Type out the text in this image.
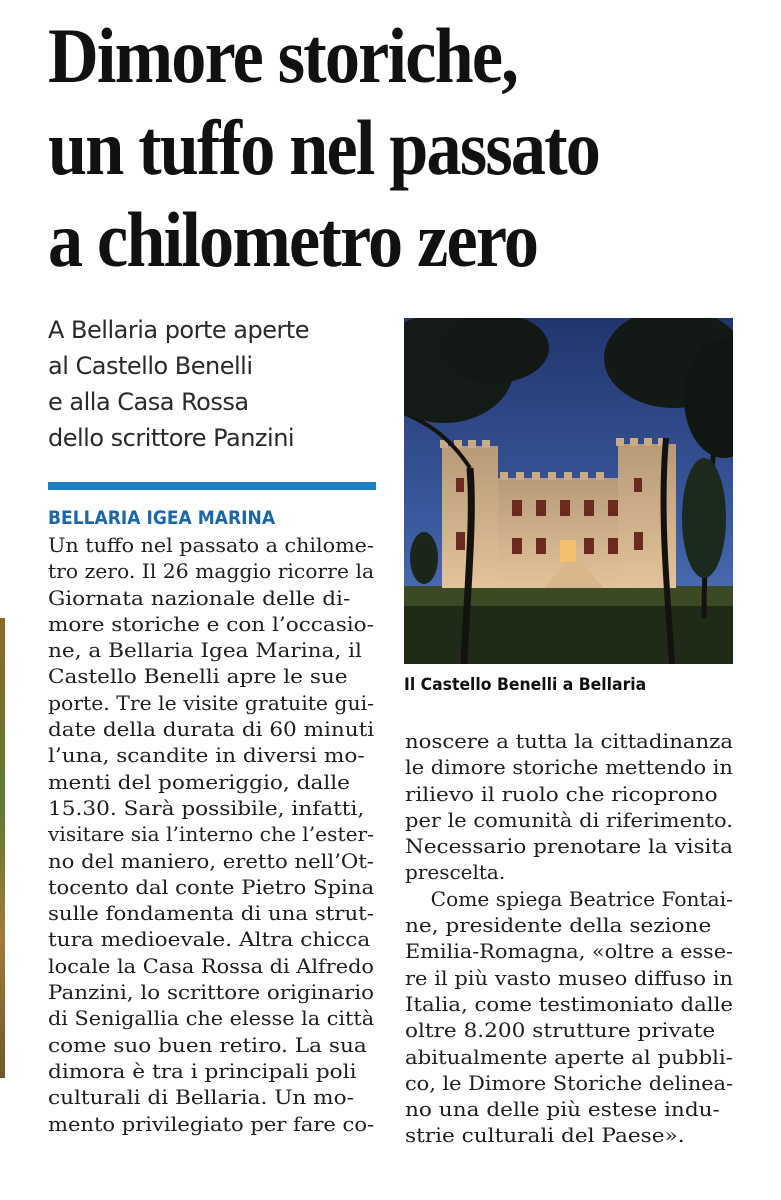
Dimore storiche,
un tuffo nel passato
a chilometro zero
A Bellaria porte aperte
al Castello Benelli
e alla Casa Rossa
dello scrittore Panzini
BELLARIA IGEA MARINA
Un tuffo nel passato a chilome-
tro zero. Il 26 maggio ricorre la
Giornata nazionale delle di-
more storiche e con l’occasio-
ne, a Bellaria Igea Marina, il
Castello Benelli apre le sue
porte. Tre le visite gratuite gui-
date della durata di 60 minuti
l’una, scandite in diversi mo-
menti del pomeriggio, dalle
15.30. Sarà possibile, infatti,
visitare sia l’interno che l’ester-
no del maniero, eretto nell’Ot-
tocento dal conte Pietro Spina
sulle fondamenta di una strut-
tura medioevale. Altra chicca
locale la Casa Rossa di Alfredo
Panzini, lo scrittore originario
di Senigallia che elesse la città
come suo buen retiro. La sua
dimora è tra i principali poli
culturali di Bellaria. Un mo-
mento privilegiato per fare co-
Il Castello Benelli a Bellaria
noscere a tutta la cittadinanza
le dimore storiche mettendo in
rilievo il ruolo che ricoprono
per le comunità di riferimento.
Necessario prenotare la visita
prescelta.
Come spiega Beatrice Fontai-
ne, presidente della sezione
Emilia-Romagna, «oltre a esse-
re il più vasto museo diffuso in
Italia, come testimoniato dalle
oltre 8.200 strutture private
abitualmente aperte al pubbli-
co, le Dimore Storiche delinea-
no una delle più estese indu-
strie culturali del Paese».
